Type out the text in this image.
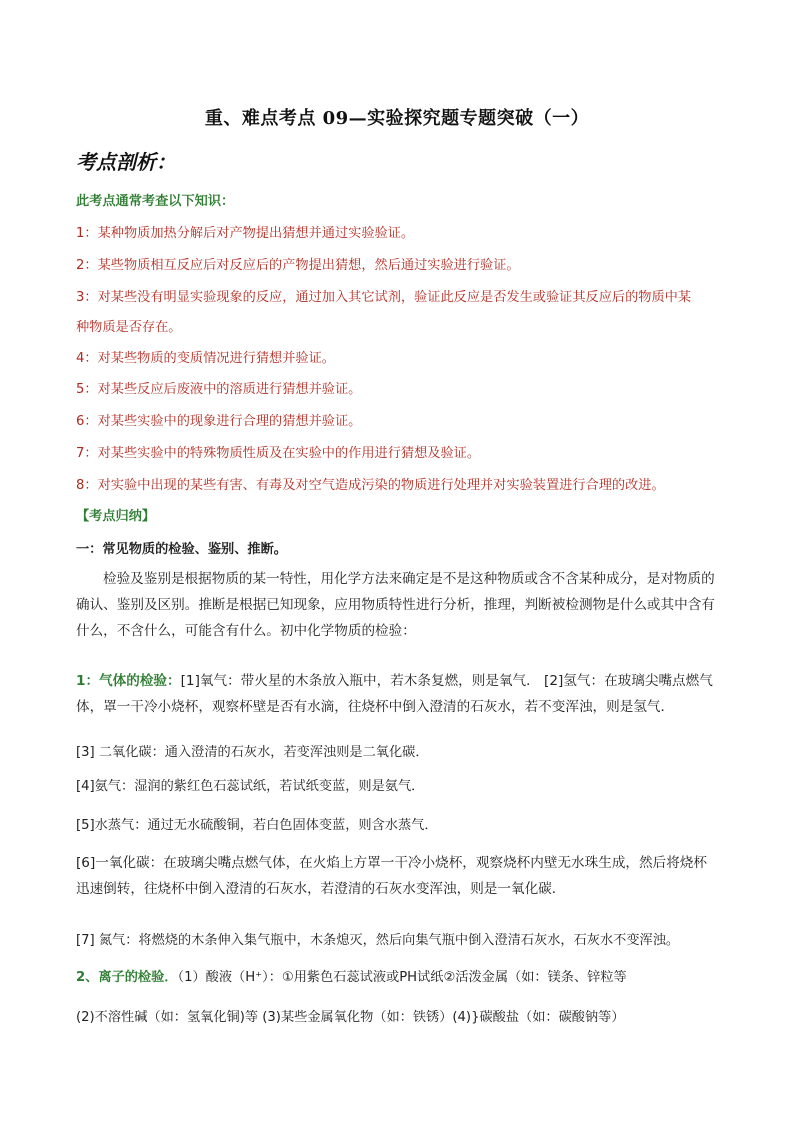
重、难点考点 09—实验探究题专题突破（一）
考点剖析：
此考点通常考查以下知识：
1：某种物质加热分解后对产物提出猜想并通过实验验证。
2：某些物质相互反应后对反应后的产物提出猜想，然后通过实验进行验证。
3：对某些没有明显实验现象的反应，通过加入其它试剂，验证此反应是否发生或验证其反应后的物质中某
种物质是否存在。
4：对某些物质的变质情况进行猜想并验证。
5：对某些反应后废液中的溶质进行猜想并验证。
6：对某些实验中的现象进行合理的猜想并验证。
7：对某些实验中的特殊物质性质及在实验中的作用进行猜想及验证。
8：对实验中出现的某些有害、有毒及对空气造成污染的物质进行处理并对实验装置进行合理的改进。
【考点归纳】
一：常见物质的检验、鉴别、推断。
检验及鉴别是根据物质的某一特性，用化学方法来确定是不是这种物质或含不含某种成分，是对物质的确认、鉴别及区别。推断是根据已知现象，应用物质特性进行分析，推理，判断被检测物是什么或其中含有什么，不含什么，可能含有什么。初中化学物质的检验：
1：气体的检验：[1]氧气：带火星的木条放入瓶中，若木条复燃，则是氧气． [2]氢气：在玻璃尖嘴点燃气
体，罩一干冷小烧杯，观察杯壁是否有水滴，往烧杯中倒入澄清的石灰水，若不变浑浊，则是氢气．
[3] 二氧化碳：通入澄清的石灰水，若变浑浊则是二氧化碳．
[4]氨气：湿润的紫红色石蕊试纸，若试纸变蓝，则是氨气．
[5]水蒸气：通过无水硫酸铜，若白色固体变蓝，则含水蒸气．
[6]一氧化碳：在玻璃尖嘴点燃气体，在火焰上方罩一干冷小烧杯，观察烧杯内壁无水珠生成，然后将烧杯
迅速倒转，往烧杯中倒入澄清的石灰水，若澄清的石灰水变浑浊，则是一氧化碳．
[7] 氮气：将燃烧的木条伸入集气瓶中，木条熄灭，然后向集气瓶中倒入澄清石灰水，石灰水不变浑浊。
2、离子的检验．（1）酸液（H⁺）：①用紫色石蕊试液或PH试纸②活泼金属（如：镁条、锌粒等
(2)不溶性碱（如：氢氧化铜)等 (3)某些金属氧化物（如：铁锈）(4)}碳酸盐（如：碳酸钠等）
